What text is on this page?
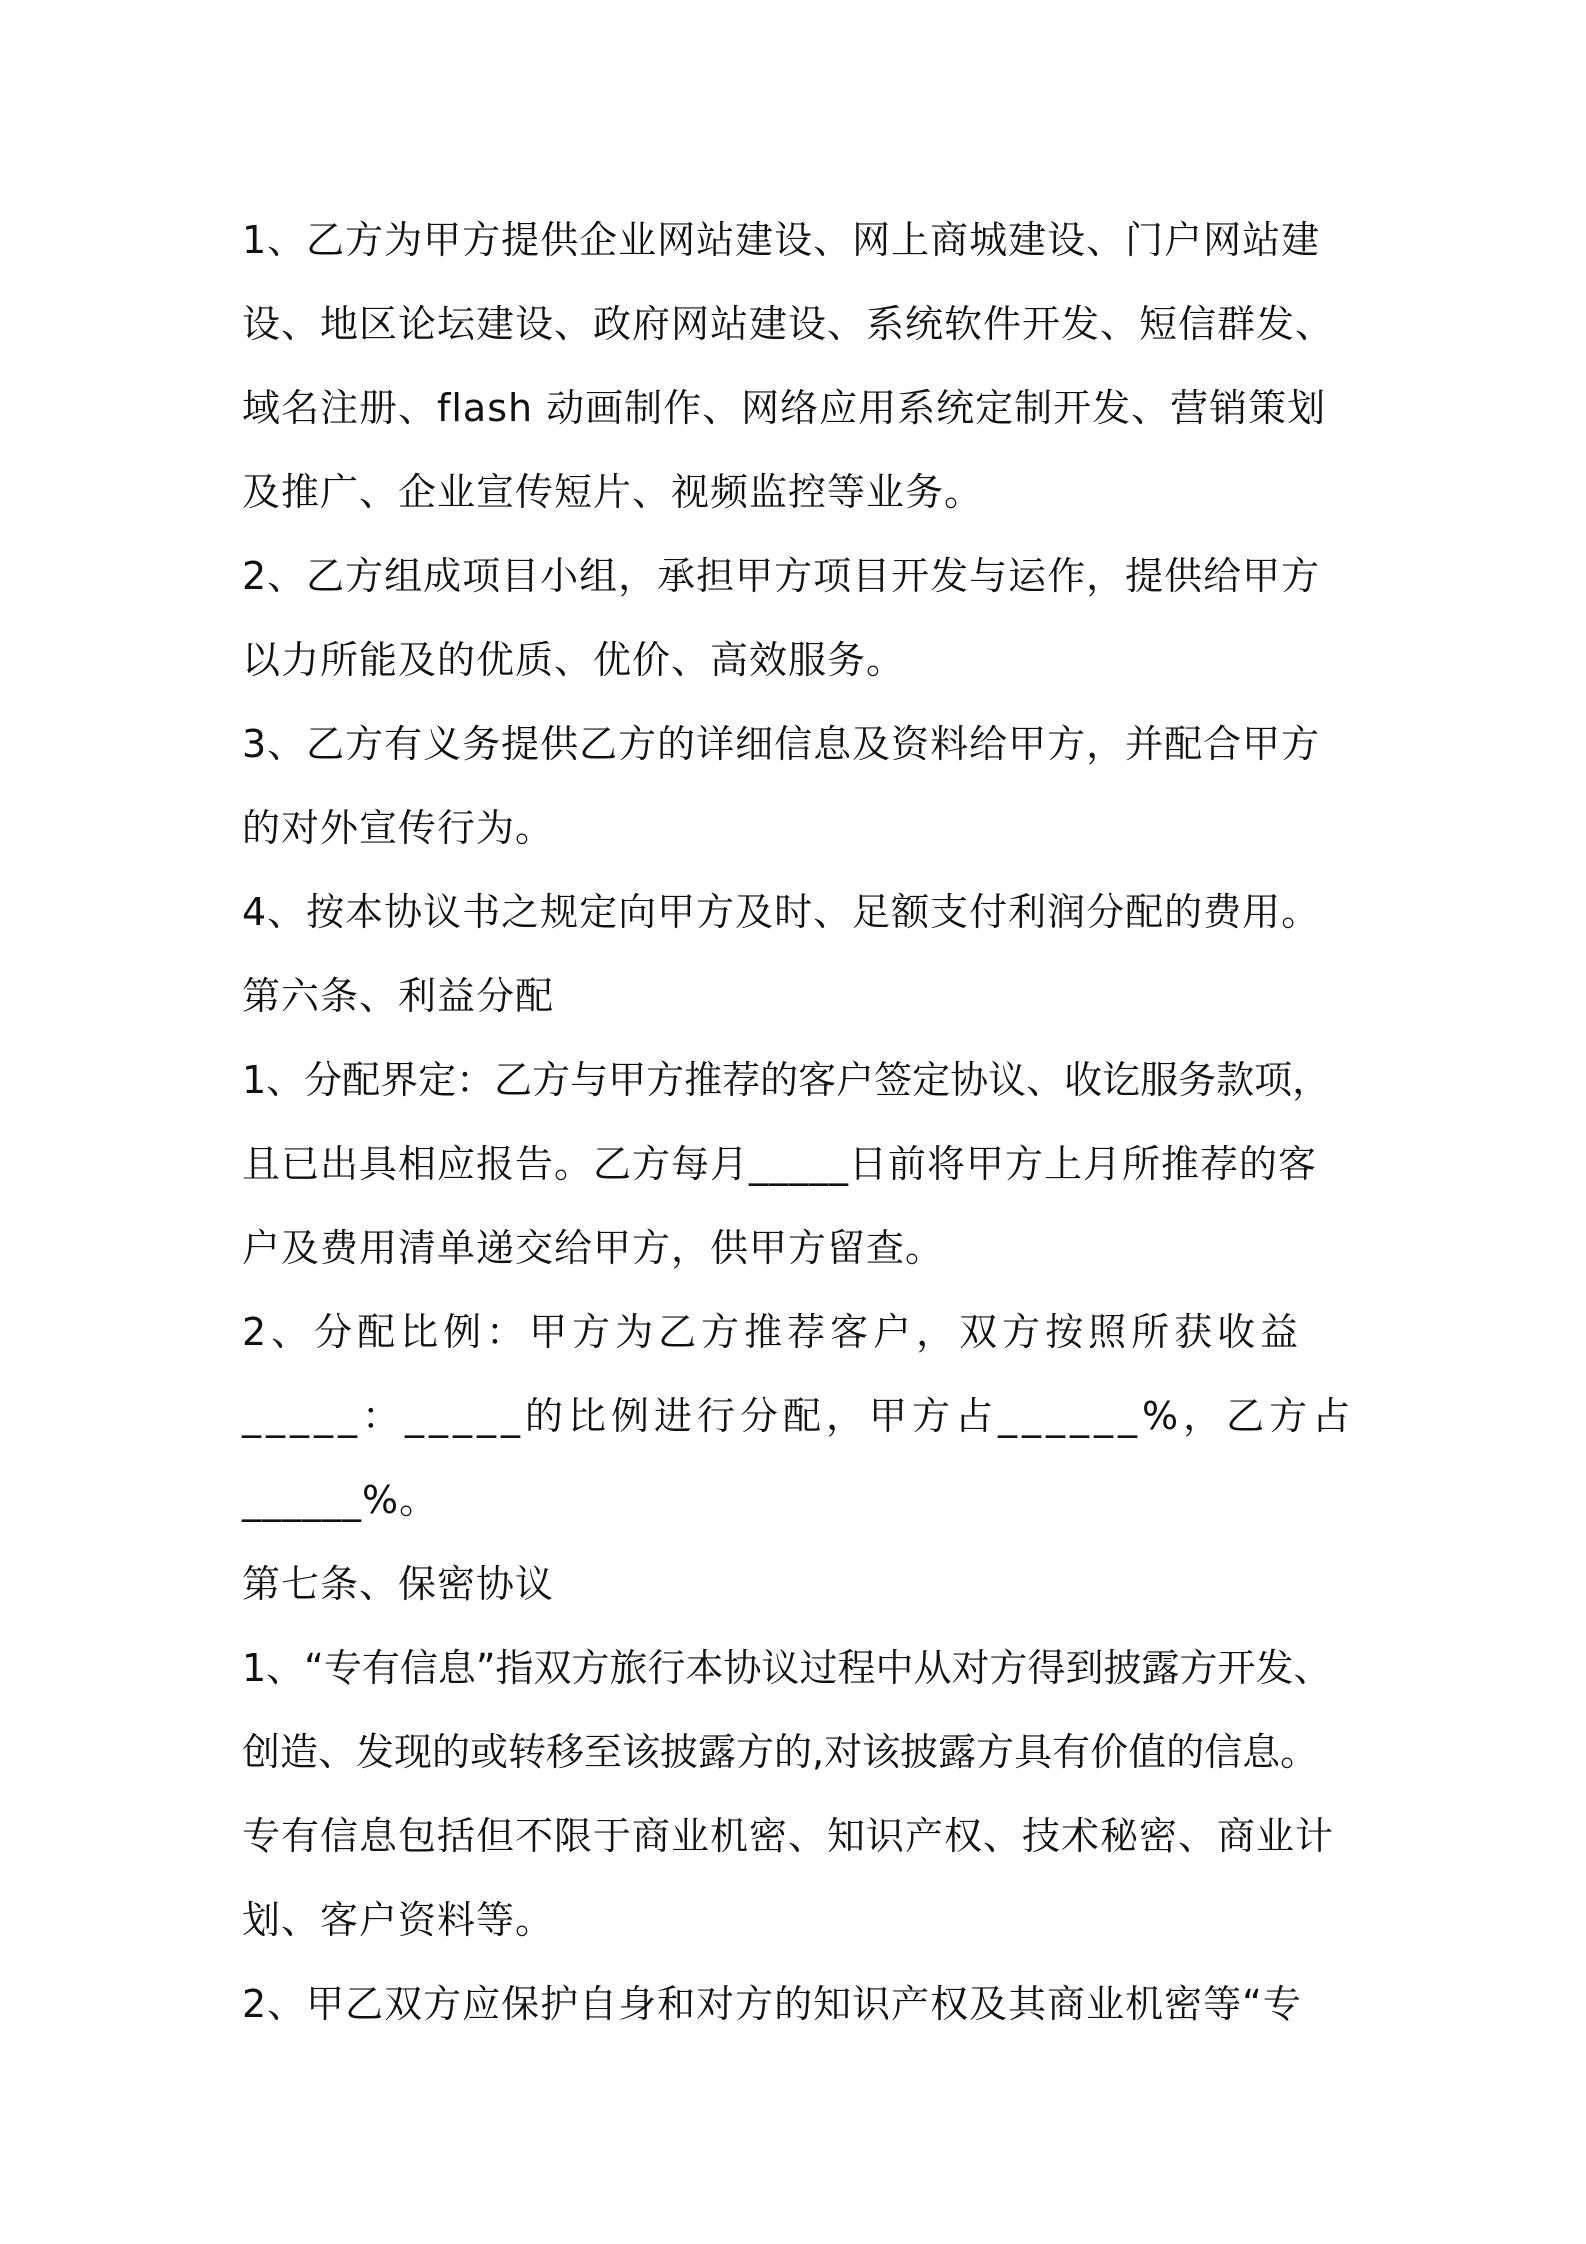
1、乙方为甲方提供企业网站建设、网上商城建设、门户网站建
设、地区论坛建设、政府网站建设、系统软件开发、短信群发、
域名注册、flash 动画制作、网络应用系统定制开发、营销策划
及推广、企业宣传短片、视频监控等业务。
2、乙方组成项目小组，承担甲方项目开发与运作，提供给甲方
以力所能及的优质、优价、高效服务。
3、乙方有义务提供乙方的详细信息及资料给甲方，并配合甲方
的对外宣传行为。
4、按本协议书之规定向甲方及时、足额支付利润分配的费用。
第六条、利益分配
1、分配界定：乙方与甲方推荐的客户签定协议、收讫服务款项，
且已出具相应报告。乙方每月_____日前将甲方上月所推荐的客
户及费用清单递交给甲方，供甲方留查。
2、分配比例：甲方为乙方推荐客户，双方按照所获收益
_____：_____的比例进行分配，甲方占______%，乙方占
______%。
第七条、保密协议
1、“专有信息”指双方旅行本协议过程中从对方得到披露方开发、
创造、发现的或转移至该披露方的,对该披露方具有价值的信息。
专有信息包括但不限于商业机密、知识产权、技术秘密、商业计
划、客户资料等。
2、甲乙双方应保护自身和对方的知识产权及其商业机密等“专
